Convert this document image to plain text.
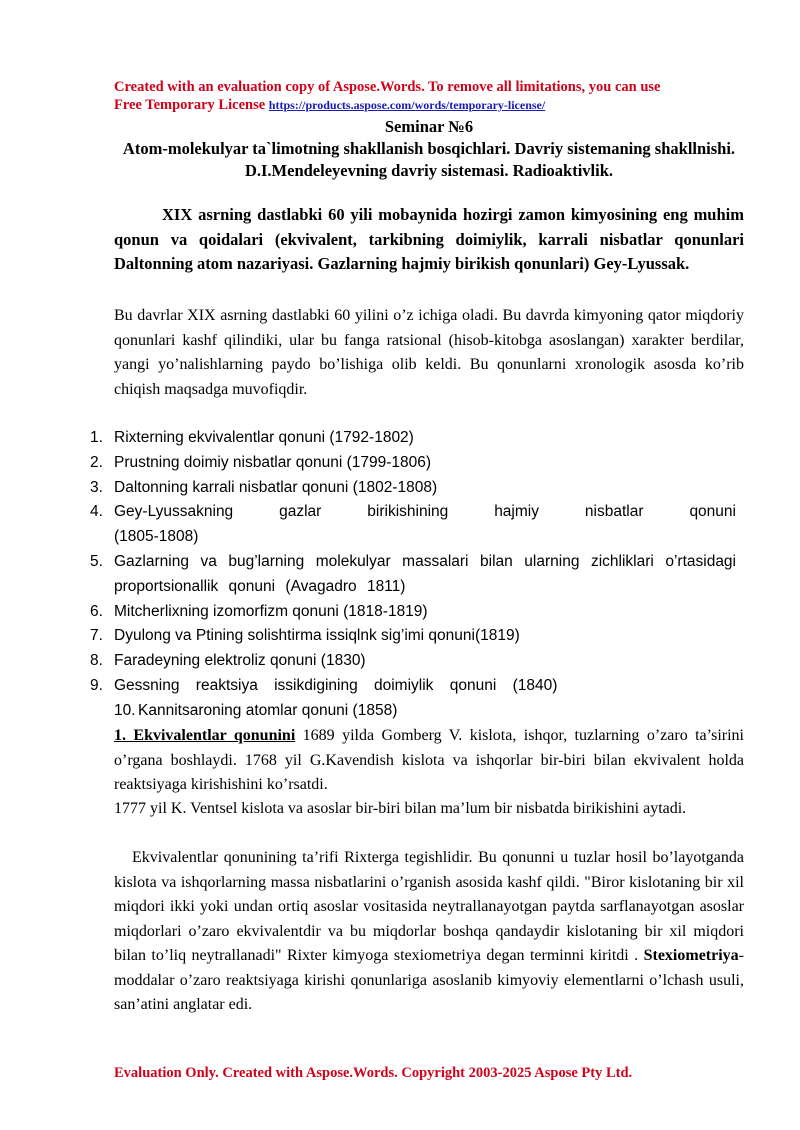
Created with an evaluation copy of Aspose.Words. To remove all limitations, you can use
Free Temporary License https://products.aspose.com/words/temporary-license/
Seminar №6
Atom-molekulyar ta`limotning shakllanish bosqichlari. Davriy sistemaning shakllnishi. D.I.Mendeleyevning davriy sistemasi. Radioaktivlik.
XIX asrning dastlabki 60 yili mobaynida hozirgi zamon kimyosining eng muhim qonun va qoidalari (ekvivalent, tarkibning doimiylik, karrali nisbatlar qonunlari Daltonning atom nazariyasi. Gazlarning hajmiy birikish qonunlari) Gey-Lyussak.
Bu davrlar XIX asrning dastlabki 60 yilini o’z ichiga oladi. Bu davrda kimyoning qator miqdoriy qonunlari kashf qilindiki, ular bu fanga ratsional (hisob-kitobga asoslangan) xarakter berdilar, yangi yo’nalishlarning paydo bo’lishiga olib keldi. Bu qonunlarni xronologik asosda ko’rib chiqish maqsadga muvofiqdir.
1. Rixterning ekvivalentlar qonuni (1792-1802)
2. Prustning doimiy nisbatlar qonuni (1799-1806)
3. Daltonning karrali nisbatlar qonuni (1802-1808)
4. Gey-Lyussakning gazlar birikishining hajmiy nisbatlar qonuni (1805-1808)
5. Gazlarning va bug’larning molekulyar massalari bilan ularning zichliklari o’rtasidagi proportsionallik qonuni (Avagadro 1811)
6. Mitcherlixning izomorfizm qonuni (1818-1819)
7. Dyulong va Ptining solishtirma issiqlnk sig’imi qonuni(1819)
8. Faradeyning elektroliz qonuni (1830)
9. Gessning reaktsiya issikdigining doimiylik qonuni (1840)
10. Kannitsaroning atomlar qonuni (1858)
1. Ekvivalentlar qonunini 1689 yilda Gomberg V. kislota, ishqor, tuzlarning o’zaro ta’sirini o’rgana boshlaydi. 1768 yil G.Kavendish kislota va ishqorlar bir-biri bilan ekvivalent holda reaktsiyaga kirishishini ko’rsatdi.
1777 yil K. Ventsel kislota va asoslar bir-biri bilan ma’lum bir nisbatda birikishini aytadi.
Ekvivalentlar qonunining ta’rifi Rixterga tegishlidir. Bu qonunni u tuzlar hosil bo’layotganda kislota va ishqorlarning massa nisbatlarini o’rganish asosida kashf qildi. "Biror kislotaning bir xil miqdori ikki yoki undan ortiq asoslar vositasida neytrallanayotgan paytda sarflanayotgan asoslar miqdorlari o’zaro ekvivalentdir va bu miqdorlar boshqa qandaydir kislotaning bir xil miqdori bilan to’liq neytrallanadi" Rixter kimyoga stexiometriya degan terminni kiritdi . Stexiometriya-moddalar o’zaro reaktsiyaga kirishi qonunlariga asoslanib kimyoviy elementlarni o’lchash usuli, san’atini anglatar edi.
Evaluation Only. Created with Aspose.Words. Copyright 2003-2025 Aspose Pty Ltd.
